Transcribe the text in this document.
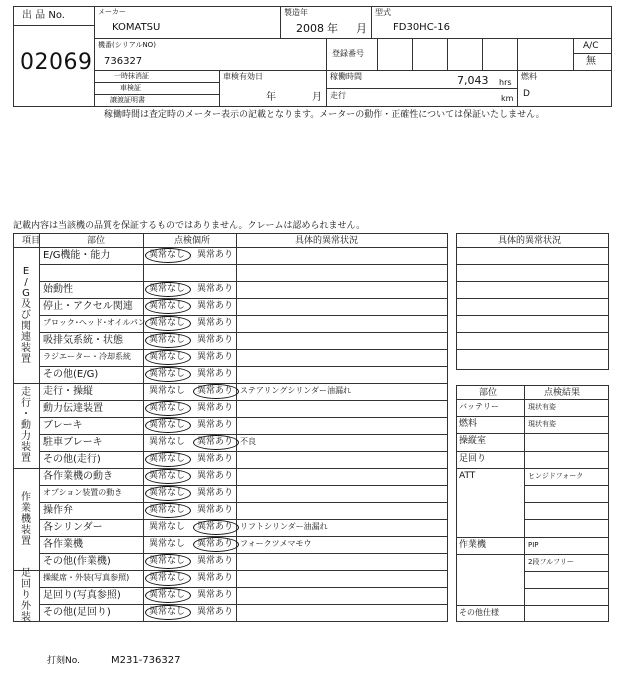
出 品 No.
02069
メーカー
KOMATSU
製造年
2008 年 月
型式
FD30HC-16
機番(シリアルNO)
736327
登録番号
A/C
無
一時抹消証
車検証
譲渡証明書
車検有効日
年	月
稼働時間	7,043 hrs
走行	km
燃料
D
稼働時間は査定時のメーター表示の記載となります。メーターの動作・正確性については保証いたしません。
記載内容は当該機の品質を保証するものではありません。クレームは認められません。
項目	部位	点検個所	具体的異常状況
E
/
G
及
び
関
連
装
置
走
行
・
動
力
装
置
作
業
機
装
置
足
回
り
外
装
E/G機能・能力	異常なし 異常あり
始動性	異常なし 異常あり
停止・アクセル関連 異常なし 異常あり
ブロック･ヘッド･オイルパン 異常なし 異常あり
吸排気系統・状態	異常なし 異常あり
ラジエーター・冷却系統 異常なし 異常あり
その他(E/G)	異常なし 異常あり
走行・操縦	異常なし 異常あり ステアリングシリンダー油漏れ
動力伝達装置	異常なし 異常あり
ブレーキ	異常なし 異常あり
駐車ブレーキ	異常なし 異常あり 不良
その他(走行)	異常なし 異常あり
各作業機の動き	異常なし 異常あり
オプション装置の動き	異常なし 異常あり
操作弁	異常なし 異常あり
各シリンダー	異常なし 異常あり リフトシリンダー油漏れ
各作業機	異常なし 異常あり フォークツメマモウ
その他(作業機)	異常なし 異常あり
操縦席・外装(写真参照) 異常なし 異常あり
足回り(写真参照)	異常なし 異常あり
その他(足回り)	異常なし 異常あり
具体的異常状況
部位	点検結果
バッテリー	現状有姿
燃料	現状有姿
操縦室
足回り
ATT	ヒンジドフォーク
作業機	PIP
2段フルフリー
その他仕様
打刻No.	M231-736327
